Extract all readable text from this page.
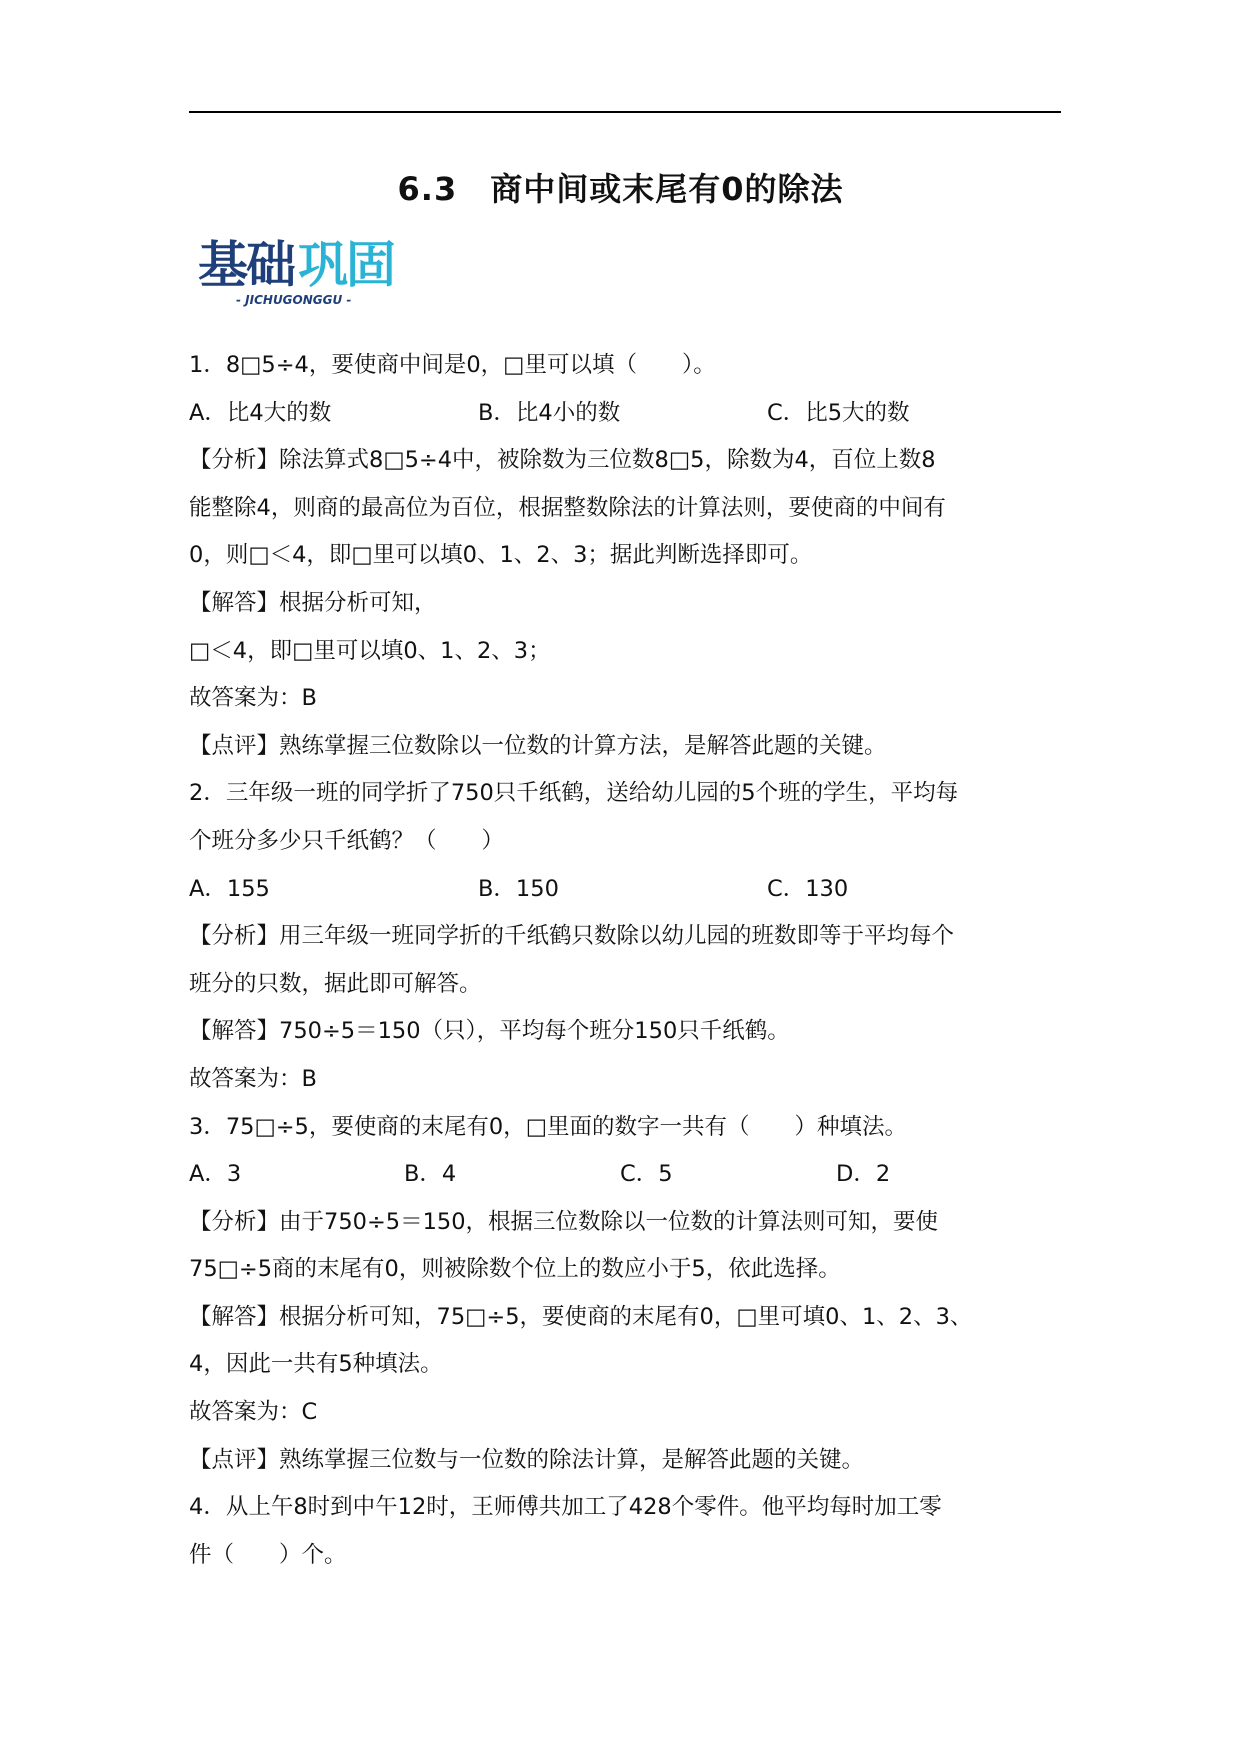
6.3　商中间或末尾有0的除法
基础 巩固
- JICHUGONGGU -
1．8□5÷4，要使商中间是0，□里可以填（　　）。
A．比4大的数	B．比4小的数	C．比5大的数
【分析】除法算式8□5÷4中，被除数为三位数8□5，除数为4，百位上数8
能整除4，则商的最高位为百位，根据整数除法的计算法则，要使商的中间有
0，则□＜4，即□里可以填0、1、2、3；据此判断选择即可。
【解答】根据分析可知，
□＜4，即□里可以填0、1、2、3；
故答案为：B
【点评】熟练掌握三位数除以一位数的计算方法，是解答此题的关键。
2．三年级一班的同学折了750只千纸鹤，送给幼儿园的5个班的学生，平均每
个班分多少只千纸鹤？（　　）
A．155	B．150	C．130
【分析】用三年级一班同学折的千纸鹤只数除以幼儿园的班数即等于平均每个
班分的只数，据此即可解答。
【解答】750÷5＝150（只），平均每个班分150只千纸鹤。
故答案为：B
3．75□÷5，要使商的末尾有0，□里面的数字一共有（　　）种填法。
A．3	B．4	C．5	D．2
【分析】由于750÷5＝150，根据三位数除以一位数的计算法则可知，要使
75□÷5商的末尾有0，则被除数个位上的数应小于5，依此选择。
【解答】根据分析可知，75□÷5，要使商的末尾有0，□里可填0、1、2、3、
4，因此一共有5种填法。
故答案为：C
【点评】熟练掌握三位数与一位数的除法计算，是解答此题的关键。
4．从上午8时到中午12时，王师傅共加工了428个零件。他平均每时加工零
件（　　）个。
